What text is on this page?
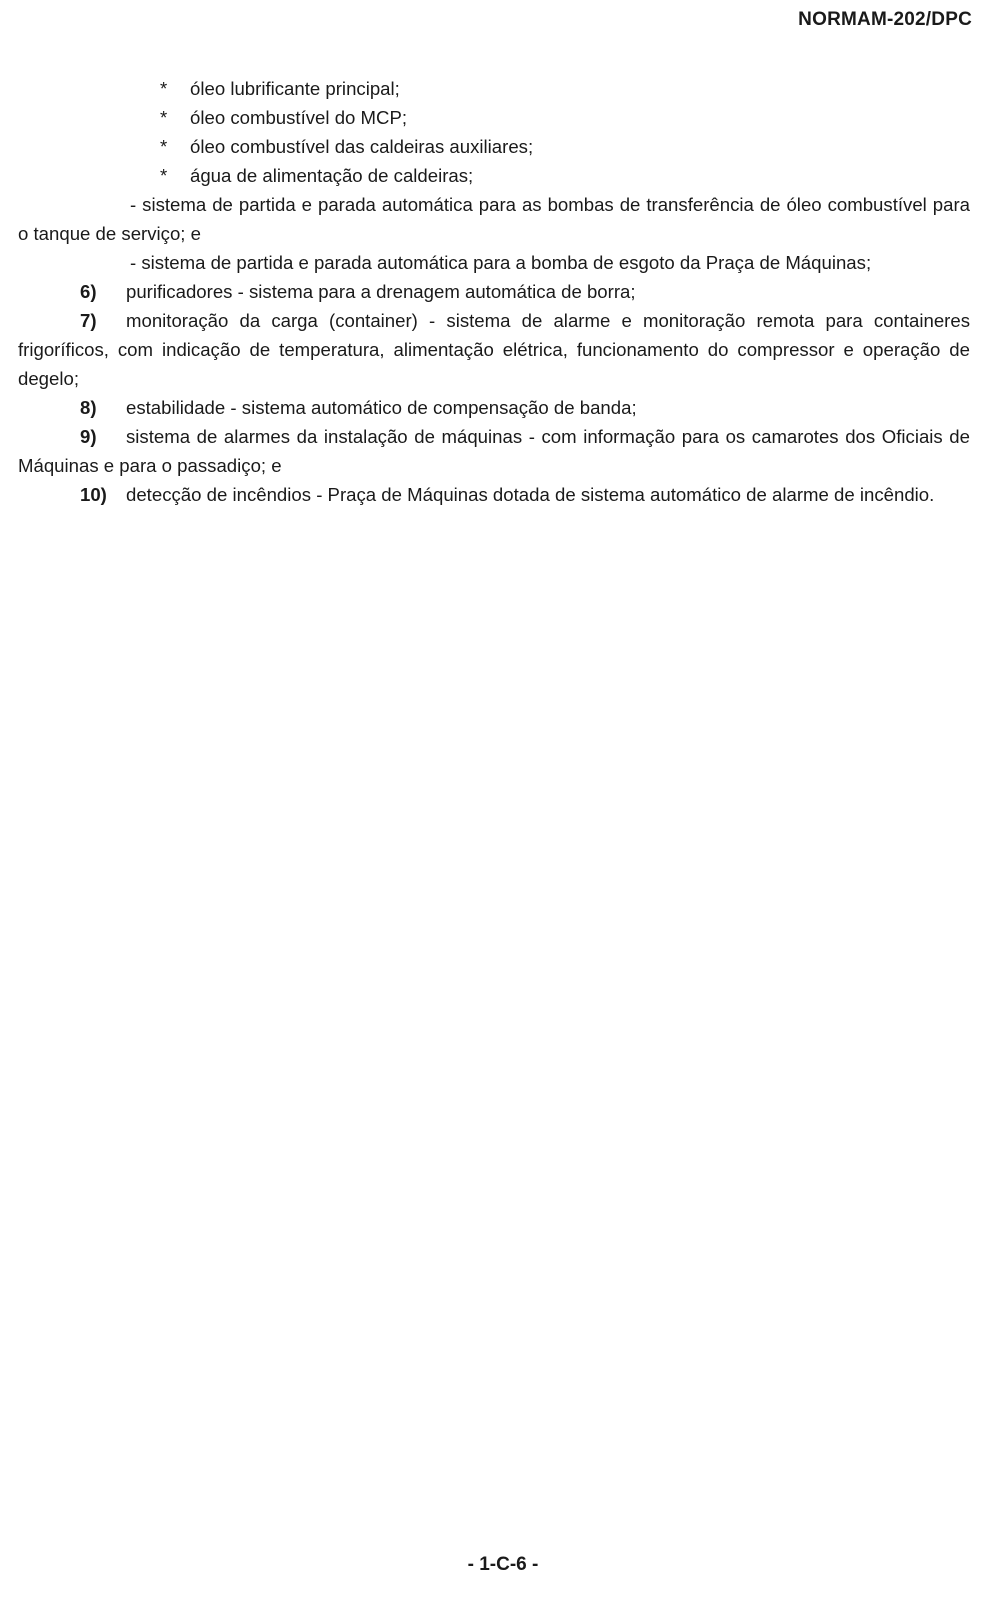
NORMAM-202/DPC
*	óleo lubrificante principal;
*	óleo combustível do MCP;
*	óleo combustível das caldeiras auxiliares;
*	água de alimentação de caldeiras;

- sistema de partida e parada automática para as bombas de transferência de óleo combustível para o tanque de serviço; e

- sistema de partida e parada automática para a bomba de esgoto da Praça de Máquinas;

6) purificadores - sistema para a drenagem automática de borra;

7) monitoração da carga (container) - sistema de alarme e monitoração remota para containeres frigoríficos, com indicação de temperatura, alimentação elétrica, funcionamento do compressor e operação de degelo;

8) estabilidade - sistema automático de compensação de banda;

9) sistema de alarmes da instalação de máquinas - com informação para os camarotes dos Oficiais de Máquinas e para o passadiço; e

10) detecção de incêndios - Praça de Máquinas dotada de sistema automático de alarme de incêndio.

- 1-C-6 -
